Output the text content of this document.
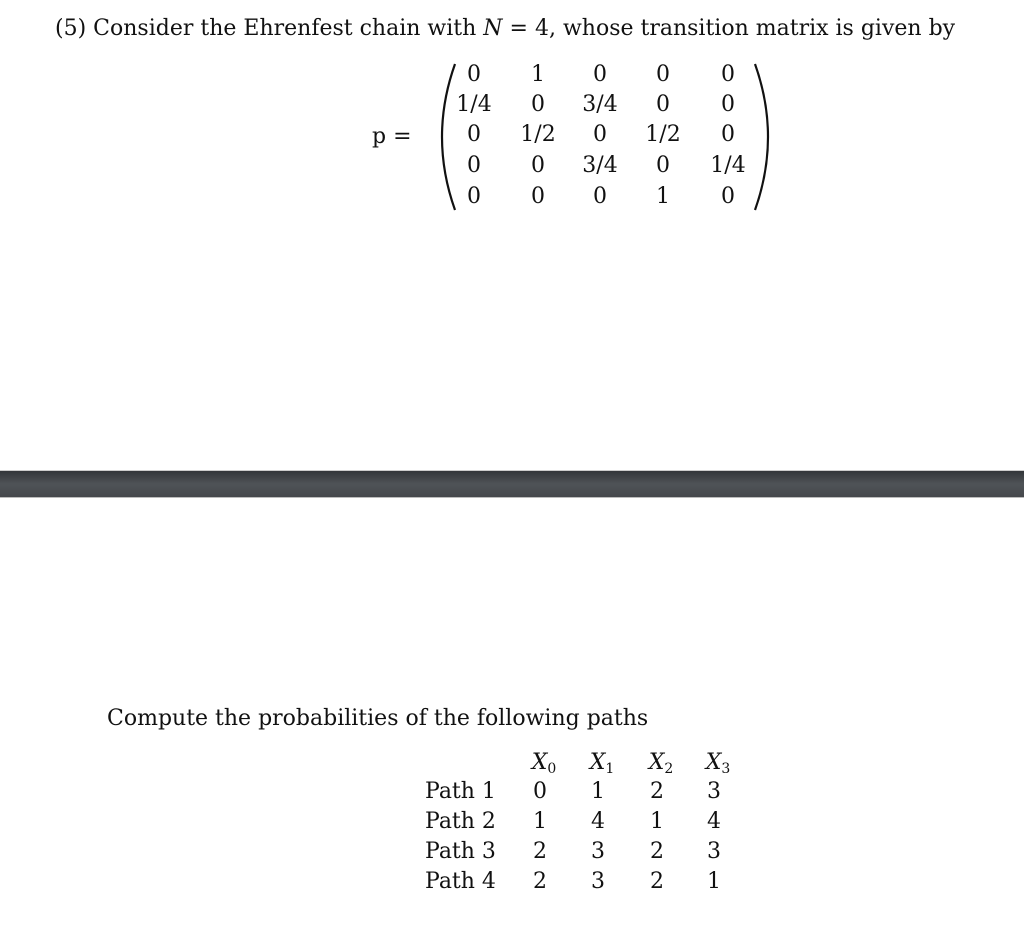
(5) Consider the Ehrenfest chain with N = 4, whose transition matrix is given by
p =
0 1 0 0 0
1/4 0 3/4 0 0
0 1/2 0 1/2 0
0 0 3/4 0 1/4
0 0 0 1 0
Compute the probabilities of the following paths
$X_0$ $X_1$ $X_2$ $X_3$
Path 1 0 1 2 3
Path 2 1 4 1 4
Path 3 2 3 2 3
Path 4 2 3 2 1
